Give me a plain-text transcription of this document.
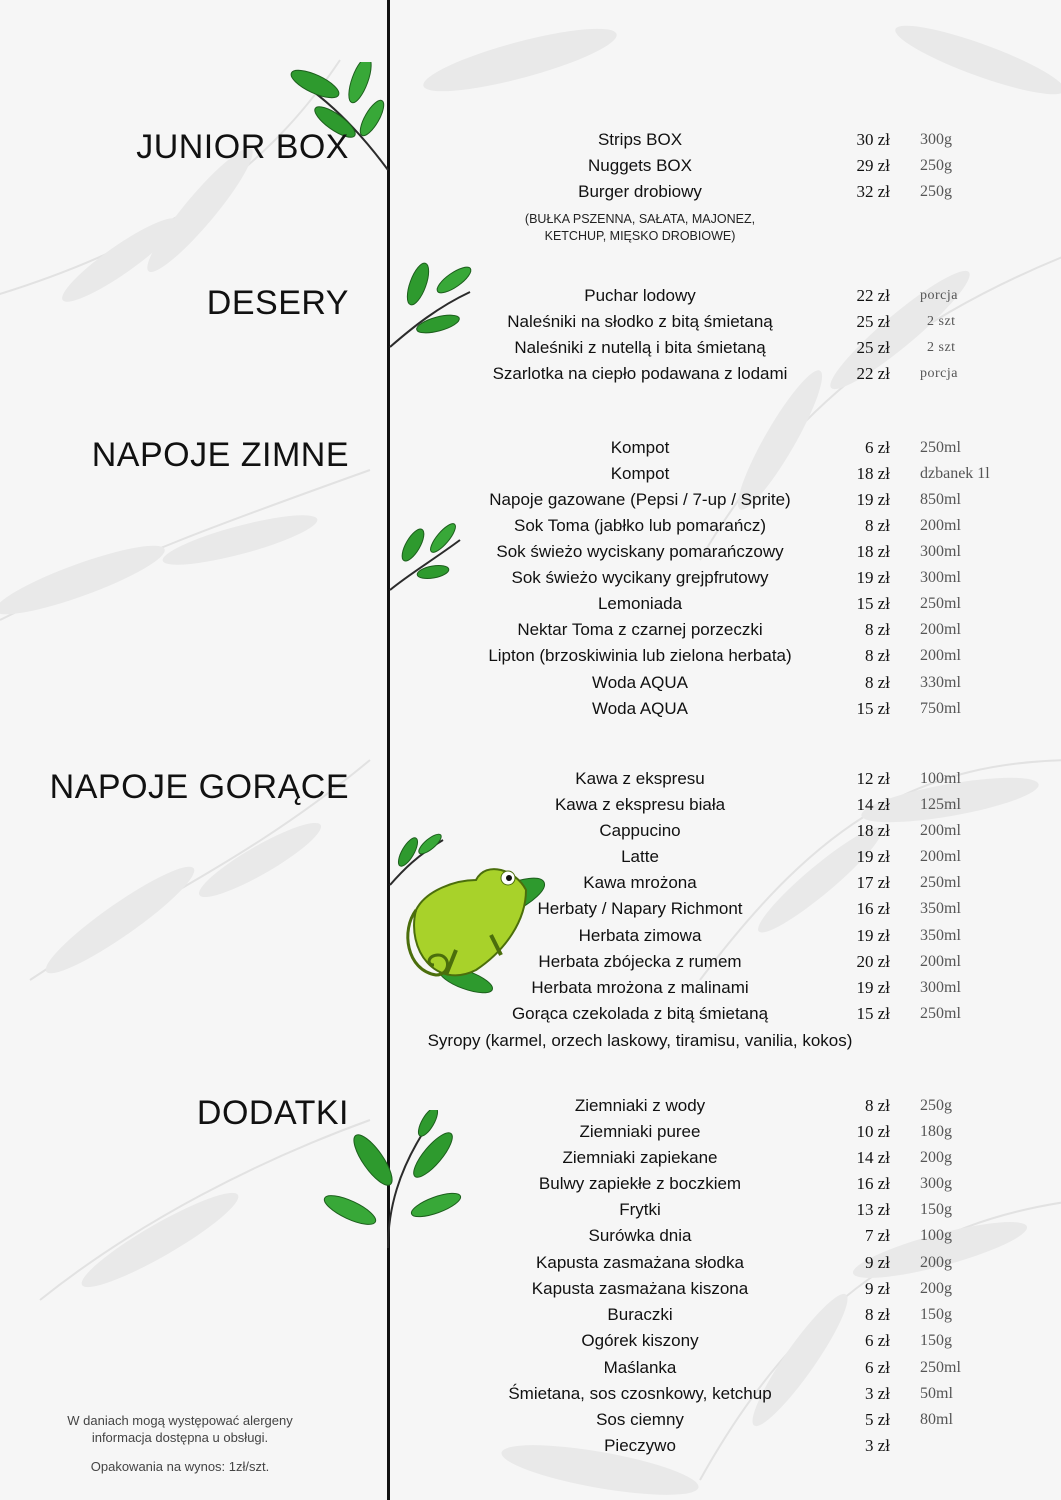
JUNIOR BOX	Strips BOX	30 zł 300g
Nuggets BOX	29 zł 250g
Burger drobiowy	32 zł 250g
(BUŁKA PSZENNA, SAŁATA, MAJONEZ,
KETCHUP, MIĘSKO DROBIOWE)
DESERY	Puchar lodowy	22 zł porcja
Naleśniki na słodko z bitą śmietaną	25 zł	2 szt
Naleśniki z nutellą i bita śmietaną	25 zł	2 szt
Szarlotka na ciepło podawana z lodami	22 zł porcja
NAPOJE ZIMNE	Kompot	6 zł 250ml
Kompot	18 zł dzbanek 1l
Napoje gazowane (Pepsi / 7-up / Sprite)	19 zł 850ml
Sok Toma (jabłko lub pomarańcz)	8 zł 200ml
Sok świeżo wyciskany pomarańczowy	18 zł 300ml
Sok świeżo wycikany grejpfrutowy	19 zł 300ml
Lemoniada	15 zł 250ml
Nektar Toma z czarnej porzeczki	8 zł 200ml
Lipton (brzoskiwinia lub zielona herbata)	8 zł 200ml
Woda AQUA	8 zł 330ml
Woda AQUA	15 zł 750ml
NAPOJE GORĄCE	Kawa z ekspresu	12 zł 100ml
Kawa z ekspresu biała	14 zł 125ml
Cappucino	18 zł 200ml
Latte	19 zł 200ml
Kawa mrożona	17 zł 250ml
Herbaty / Napary Richmont	16 zł 350ml
Herbata zimowa	19 zł 350ml
Herbata zbójecka z rumem	20 zł 200ml
Herbata mrożona z malinami	19 zł 300ml
Gorąca czekolada z bitą śmietaną	15 zł 250ml
Syropy (karmel, orzech laskowy, tiramisu, vanilia, kokos)
DODATKI	Ziemniaki z wody	8 zł 250g
Ziemniaki puree	10 zł 180g
Ziemniaki zapiekane	14 zł 200g
Bulwy zapiekłe z boczkiem	16 zł 300g
Frytki	13 zł 150g
Surówka dnia	7 zł 100g
Kapusta zasmażana słodka	9 zł 200g
Kapusta zasmażana kiszona	9 zł 200g
Buraczki	8 zł 150g
Ogórek kiszony	6 zł 150g
Maślanka	6 zł 250ml
Śmietana, sos czosnkowy, ketchup	3 zł 50ml
Sos ciemny	5 zł 80ml
Pieczywo	3 zł
W daniach mogą występować alergeny
informacja dostępna u obsługi.
Opakowania na wynos: 1zł/szt.
